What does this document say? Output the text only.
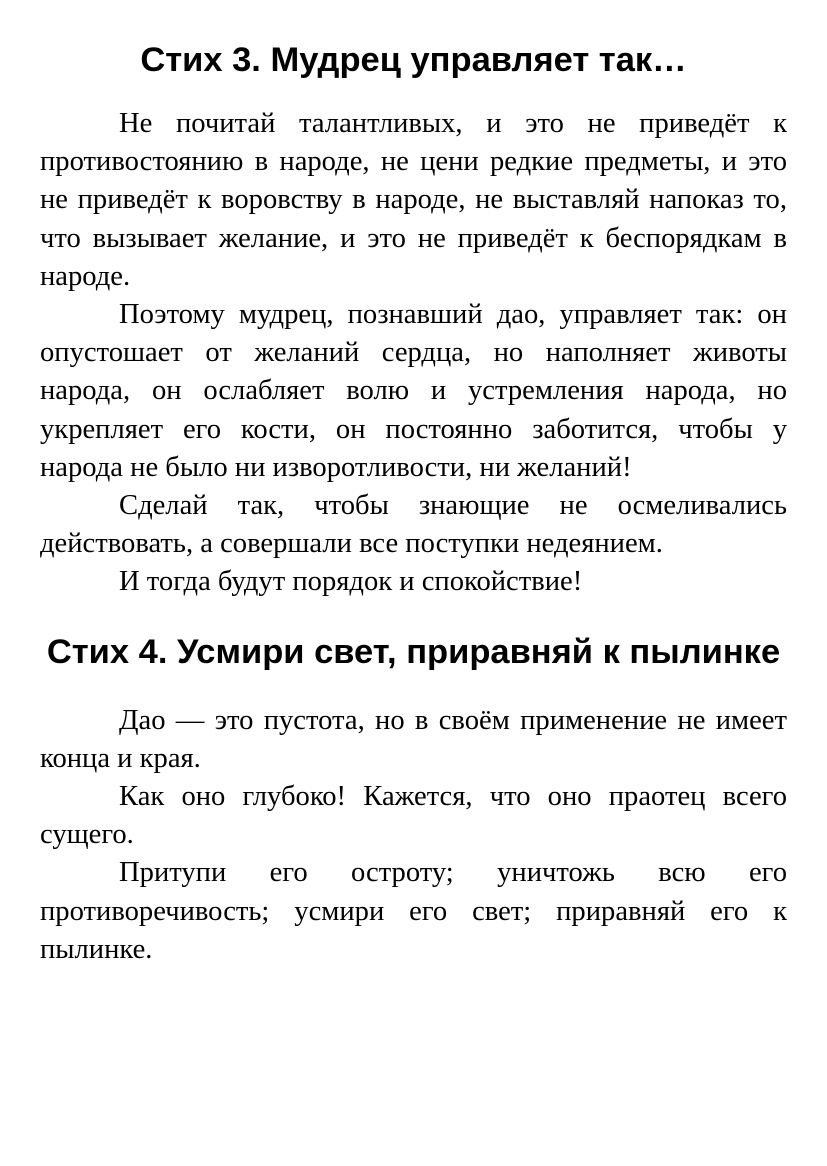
Стих 3. Мудрец управляет так…

Не почитай талантливых, и это не приведёт к противостоянию в народе, не цени редкие предметы, и это не приведёт к воровству в народе, не выставляй напоказ то, что вызывает желание, и это не приведёт к беспорядкам в народе.

Поэтому мудрец, познавший дао, управляет так: он опустошает от желаний сердца, но наполняет животы народа, он ослабляет волю и устремления народа, но укрепляет его кости, он постоянно заботится, чтобы у народа не было ни изворотливости, ни желаний!

Сделай так, чтобы знающие не осмеливались действовать, а совершали все поступки недеянием.

И тогда будут порядок и спокойствие!

Стих 4. Усмири свет, приравняй к пылинке

Дао — это пустота, но в своём применение не имеет конца и края.

Как оно глубоко! Кажется, что оно праотец всего сущего.

Притупи его остроту; уничтожь всю его противоречивость; усмири его свет; приравняй его к пылинке.
